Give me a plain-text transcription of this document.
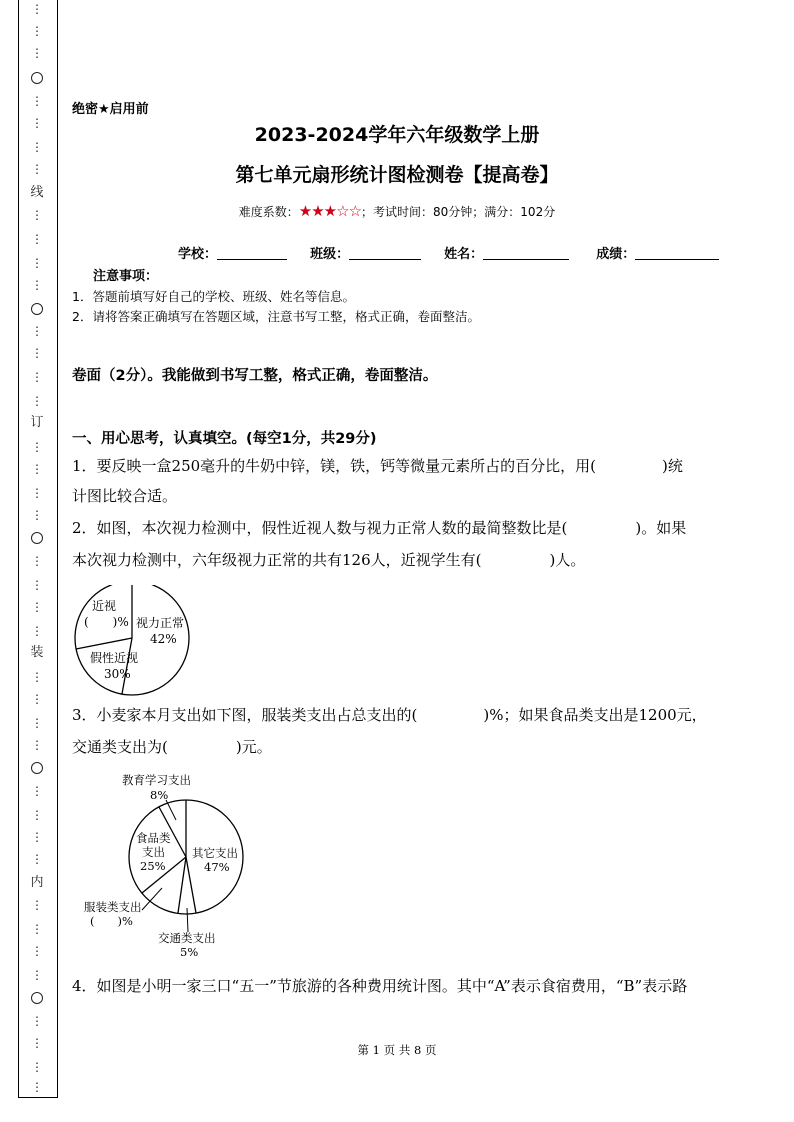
⋮
⋮
⋮
⋮
⋮
⋮
⋮
线
⋮
⋮
⋮
⋮
⋮
⋮
⋮
⋮
订
⋮
⋮
⋮
⋮
⋮
⋮
⋮
⋮
装
⋮
⋮
⋮
⋮
⋮
⋮
⋮
⋮
内
⋮
⋮
⋮
⋮
⋮
⋮
⋮
⋮
绝密★启用前
2023-2024学年六年级数学上册
第七单元扇形统计图检测卷【提高卷】
难度系数：★★★☆☆；考试时间：80分钟；满分：102分
学校：	班级：	姓名：	成绩：
注意事项：
1．答题前填写好自己的学校、班级、姓名等信息。
2．请将答案正确填写在答题区域，注意书写工整，格式正确，卷面整洁。
卷面（2分）。我能做到书写工整，格式正确，卷面整洁。
一、用心思考，认真填空。(每空1分，共29分)
1．要反映一盒250毫升的牛奶中锌，镁，铁，钙等微量元素所占的百分比，用(	)统
计图比较合适。
2．如图，本次视力检测中，假性近视人数与视力正常人数的最简整数比是(	)。如果
本次视力检测中，六年级视力正常的共有126人，近视学生有(	)人。
近视
(　　)% 视力正常
42%
假性近视
30%
3．小麦家本月支出如下图，服装类支出占总支出的(	)%；如果食品类支出是1200元，
交通类支出为(	)元。
教育学习支出
8%
食品类
支出
25%
其它支出
47%
服装类支出
(　　)%
交通类支出
5%
4．如图是小明一家三口“五一”节旅游的各种费用统计图。其中“A”表示食宿费用，“B”表示路
第 1 页 共 8 页
